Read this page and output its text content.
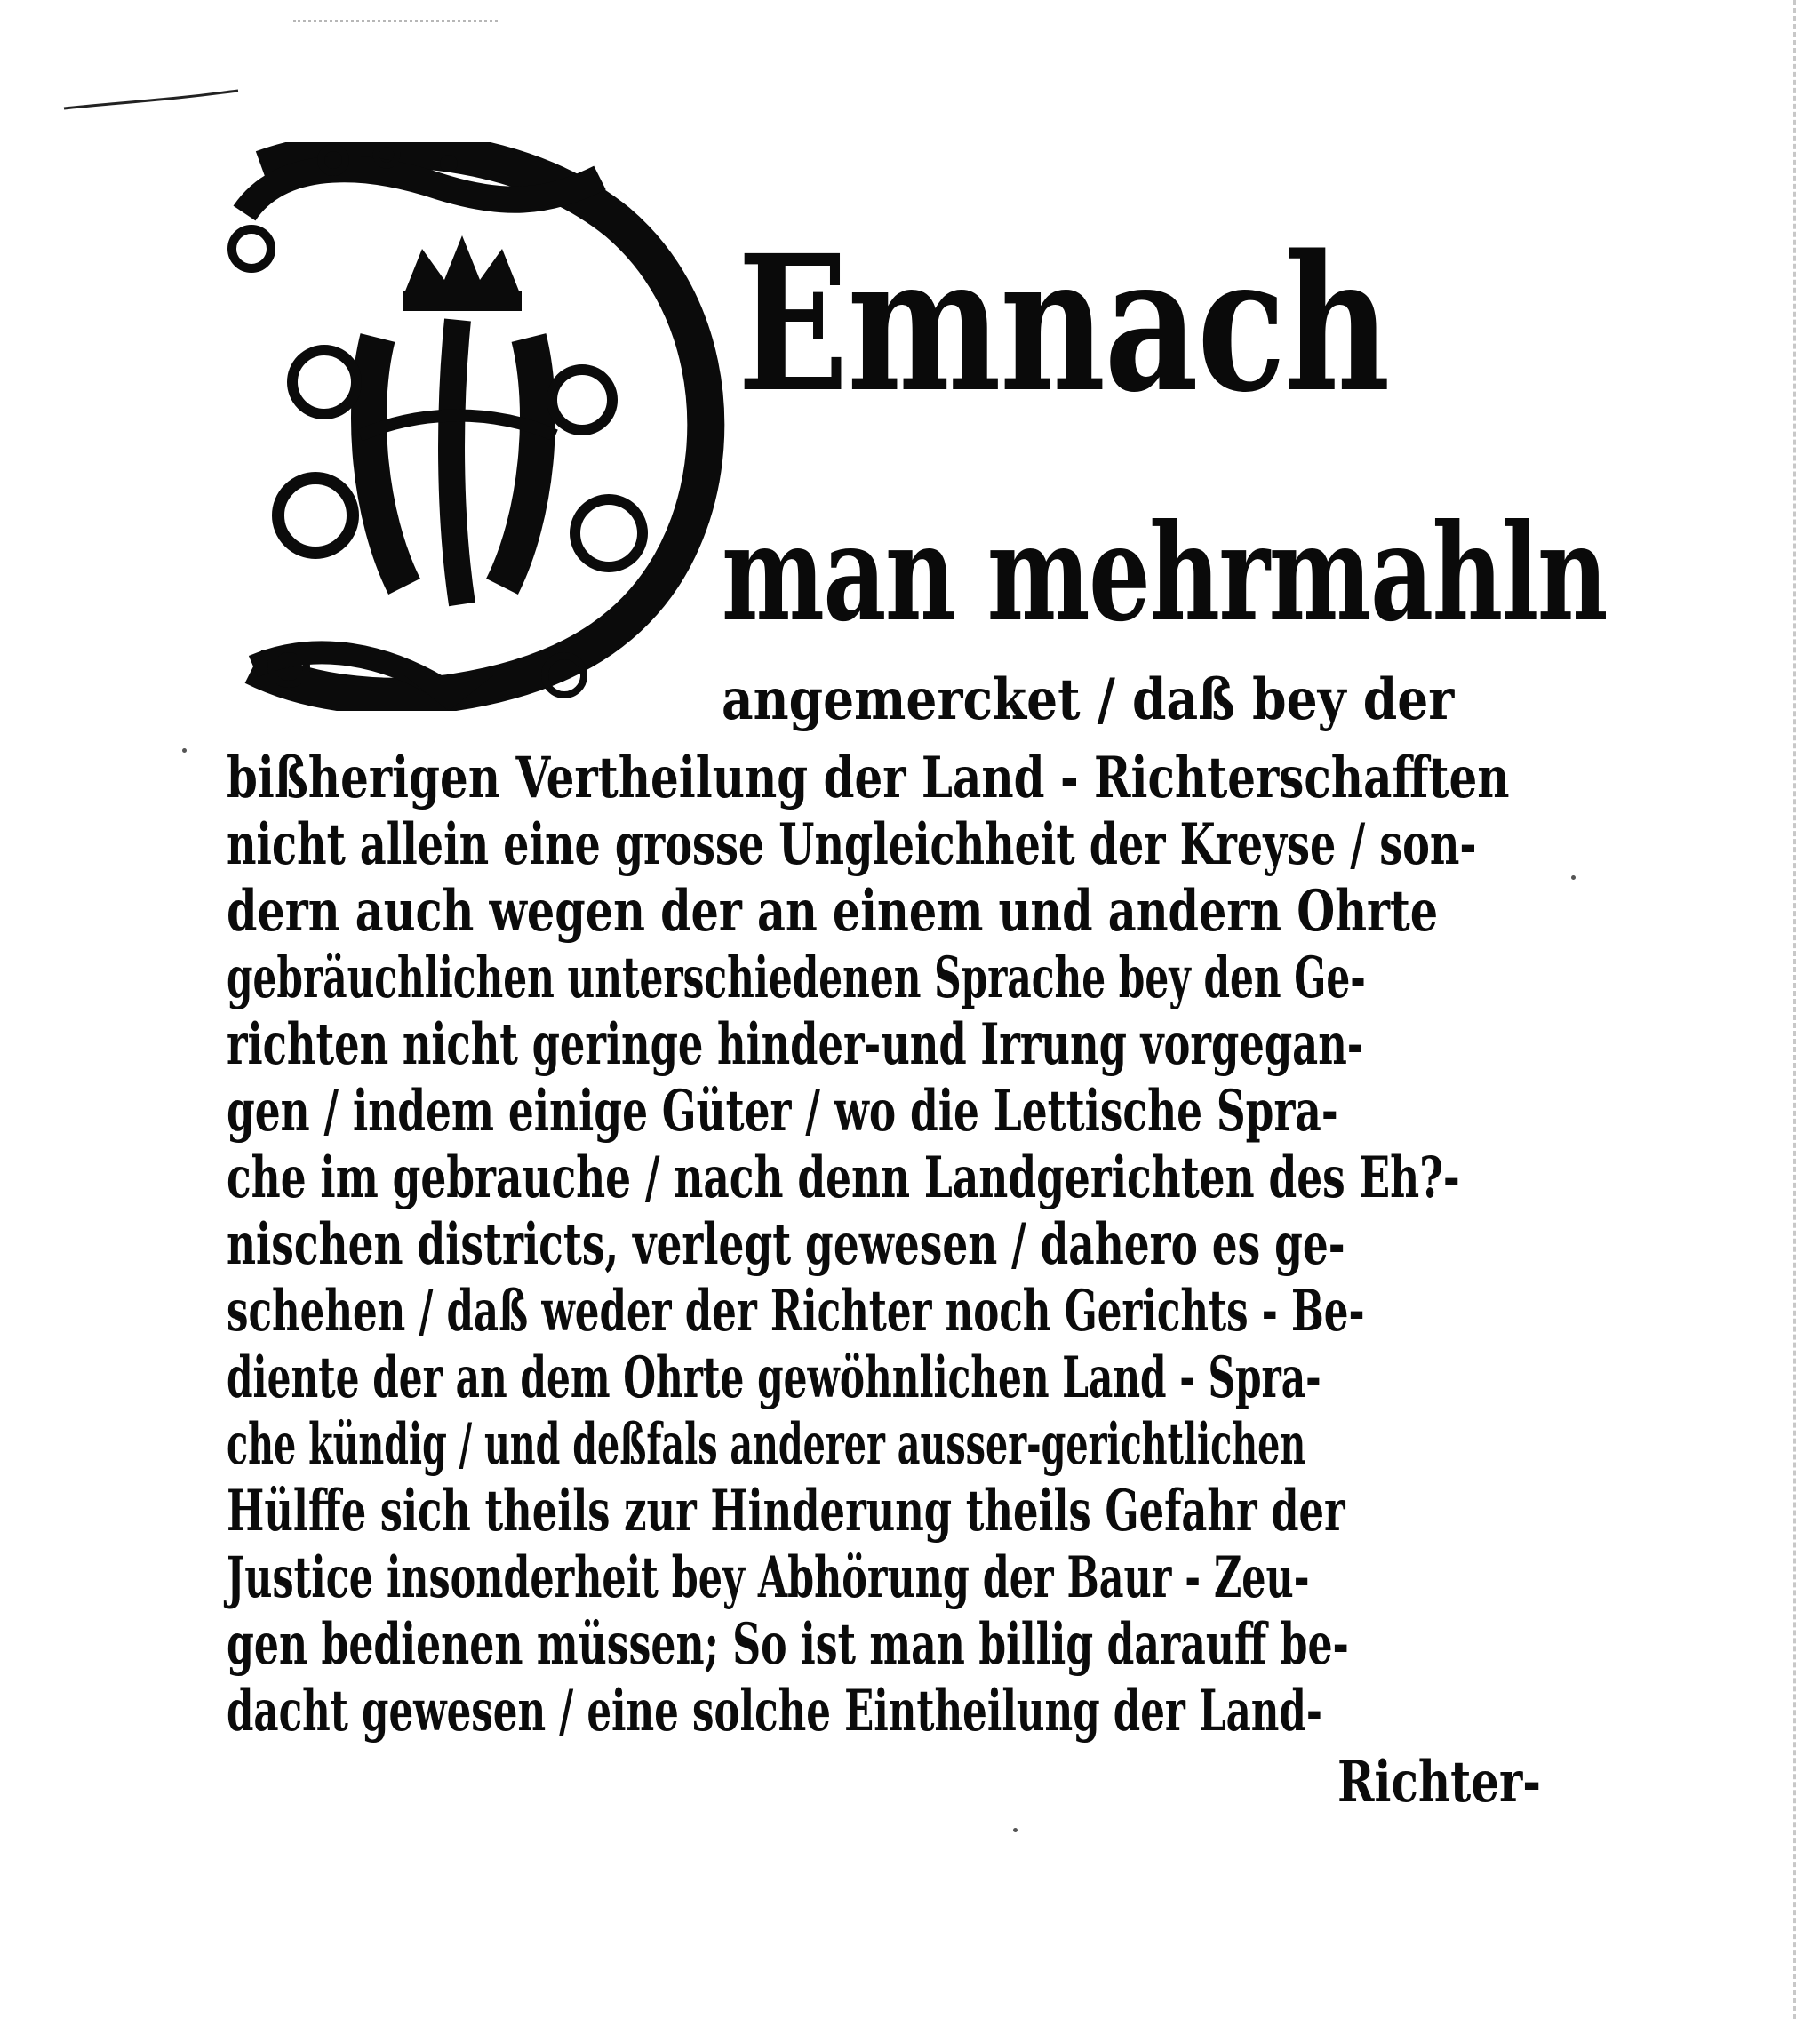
Emnach
man mehrmahln
angemercket / daß bey der
bißherigen Vertheilung der Land - Richterschafften
nicht allein eine grosse Ungleichheit der Kreyse / son-
dern auch wegen der an einem und andern Ohrte
gebräuchlichen unterschiedenen Sprache bey den Ge-
richten nicht geringe hinder-und Irrung vorgegan-
gen / indem einige Güter / wo die Lettische Spra-
che im gebrauche / nach denn Landgerichten des Eh?-
nischen districts, verlegt gewesen / dahero es ge-
schehen / daß weder der Richter noch Gerichts - Be-
diente der an dem Ohrte gewöhnlichen Land - Spra-
che kündig / und deßfals anderer ausser-gerichtlichen
Hülffe sich theils zur Hinderung theils Gefahr der
Justice insonderheit bey Abhörung der Baur - Zeu-
gen bedienen müssen; So ist man billig darauff be-
dacht gewesen / eine solche Eintheilung der Land-
Richter-
